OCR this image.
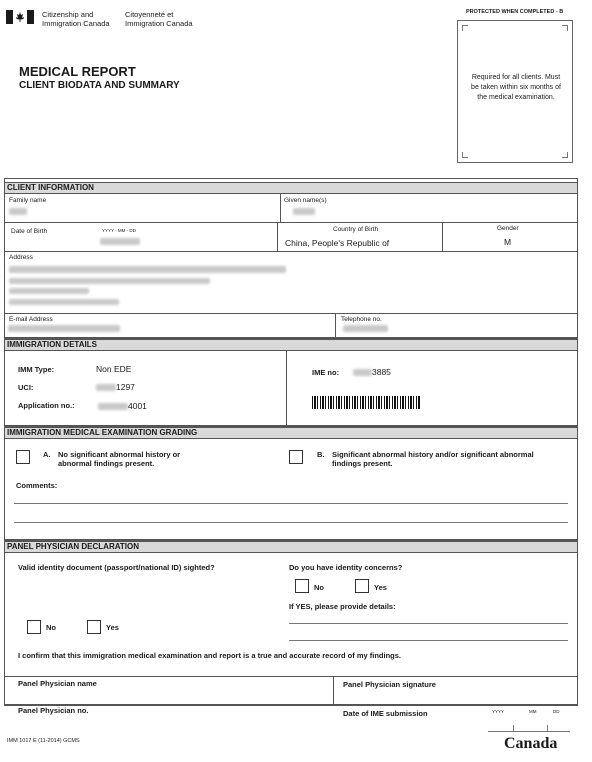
Citizenship and
Immigration Canada
Citoyenneté et
Immigration Canada
PROTECTED WHEN COMPLETED - B
MEDICAL REPORT
CLIENT BIODATA AND SUMMARY
Required for all clients. Must be taken within six months of the medical examination.
CLIENT INFORMATION
Family name	Given name(s)
Date of Birth	YYYY - MM - DD	Country of Birth
China, People's Republic of
Gender
M
Address
E-mail Address	Telephone no.
IMMIGRATION DETAILS
IMM Type:	Non EDE
UCI:	1297
Application no.:	4001
IME no:	3885
IMMIGRATION MEDICAL EXAMINATION GRADING
A. No significant abnormal history or abnormal findings present.
B. Significant abnormal history and/or significant abnormal findings present.
Comments:
PANEL PHYSICIAN DECLARATION
Valid identity document (passport/national ID) sighted?
No	Yes
Do you have identity concerns?
No	Yes
If YES, please provide details:
I confirm that this immigration medical examination and report is a true and accurate record of my findings.
Panel Physician name	Panel Physician signature
Panel Physician no.	Date of IME submission	YYYY	MM	DD
IMM 1017 E (11-2014) GCMS	Canada
